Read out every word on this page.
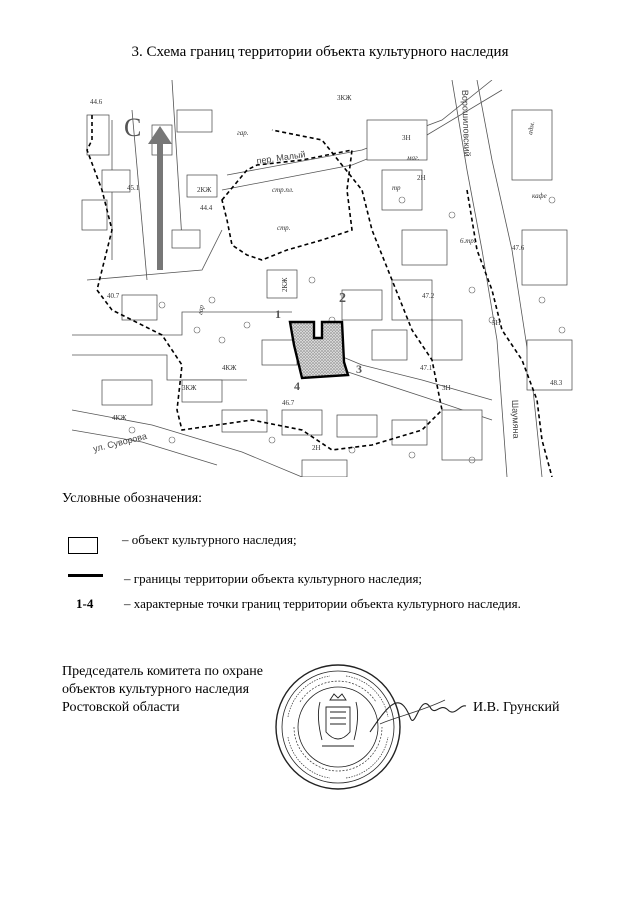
3. Схема границ территории объекта культурного наследия
1
2
3
4
С
пер. Малый
Ворошиловский
ул. Суворова
Шаумяна
44.6
45.1
44.4
40.7	47.2
47.6
47.1
46.7
48.3
3КЖ
2КЖ
4КЖ
3Н
2Н
5Н
3КЖ
2КЖ
4КЖ
3Н
2Н
гар.
стр.пл.
стр.
маг.
адм.
кафе
гар
тр
6.тр.
Условные обозначения:
– объект культурного наследия;
– границы территории объекта культурного наследия;
1-4 – характерные точки границ территории объекта культурного наследия.
Председатель комитета по охране
объектов культурного наследия
Ростовской области	И.В. Грунский
